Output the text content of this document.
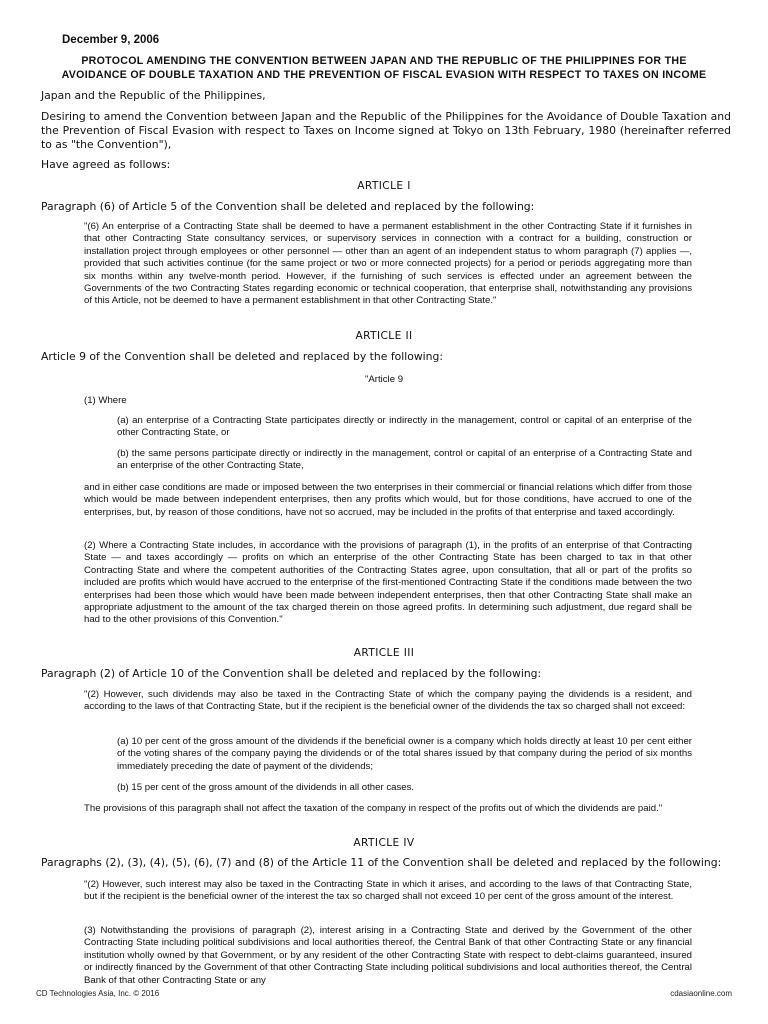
December 9, 2006
PROTOCOL AMENDING THE CONVENTION BETWEEN JAPAN AND THE REPUBLIC OF THE PHILIPPINES FOR THE
AVOIDANCE OF DOUBLE TAXATION AND THE PREVENTION OF FISCAL EVASION WITH RESPECT TO TAXES ON INCOME
Japan and the Republic of the Philippines,
Desiring to amend the Convention between Japan and the Republic of the Philippines for the Avoidance of Double Taxation and the Prevention of Fiscal Evasion with respect to Taxes on Income signed at Tokyo on 13th February, 1980 (hereinafter referred to as "the Convention"),
Have agreed as follows:
ARTICLE I
Paragraph (6) of Article 5 of the Convention shall be deleted and replaced by the following:
"(6) An enterprise of a Contracting State shall be deemed to have a permanent establishment in the other Contracting State if it furnishes in that other Contracting State consultancy services, or supervisory services in connection with a contract for a building, construction or installation project through employees or other personnel — other than an agent of an independent status to whom paragraph (7) applies —, provided that such activities continue (for the same project or two or more connected projects) for a period or periods aggregating more than six months within any twelve-month period. However, if the furnishing of such services is effected under an agreement between the Governments of the two Contracting States regarding economic or technical cooperation, that enterprise shall, notwithstanding any provisions of this Article, not be deemed to have a permanent establishment in that other Contracting State."
ARTICLE II
Article 9 of the Convention shall be deleted and replaced by the following:
"Article 9
(1) Where
(a) an enterprise of a Contracting State participates directly or indirectly in the management, control or capital of an enterprise of the other Contracting State, or
(b) the same persons participate directly or indirectly in the management, control or capital of an enterprise of a Contracting State and an enterprise of the other Contracting State,
and in either case conditions are made or imposed between the two enterprises in their commercial or financial relations which differ from those which would be made between independent enterprises, then any profits which would, but for those conditions, have accrued to one of the enterprises, but, by reason of those conditions, have not so accrued, may be included in the profits of that enterprise and taxed accordingly.
(2) Where a Contracting State includes, in accordance with the provisions of paragraph (1), in the profits of an enterprise of that Contracting State — and taxes accordingly — profits on which an enterprise of the other Contracting State has been charged to tax in that other Contracting State and where the competent authorities of the Contracting States agree, upon consultation, that all or part of the profits so included are profits which would have accrued to the enterprise of the first-mentioned Contracting State if the conditions made between the two enterprises had been those which would have been made between independent enterprises, then that other Contracting State shall make an appropriate adjustment to the amount of the tax charged therein on those agreed profits. In determining such adjustment, due regard shall be had to the other provisions of this Convention."
ARTICLE III
Paragraph (2) of Article 10 of the Convention shall be deleted and replaced by the following:
"(2) However, such dividends may also be taxed in the Contracting State of which the company paying the dividends is a resident, and according to the laws of that Contracting State, but if the recipient is the beneficial owner of the dividends the tax so charged shall not exceed:
(a) 10 per cent of the gross amount of the dividends if the beneficial owner is a company which holds directly at least 10 per cent either of the voting shares of the company paying the dividends or of the total shares issued by that company during the period of six months immediately preceding the date of payment of the dividends;
(b) 15 per cent of the gross amount of the dividends in all other cases.
The provisions of this paragraph shall not affect the taxation of the company in respect of the profits out of which the dividends are paid."
ARTICLE IV
Paragraphs (2), (3), (4), (5), (6), (7) and (8) of the Article 11 of the Convention shall be deleted and replaced by the following:
"(2) However, such interest may also be taxed in the Contracting State in which it arises, and according to the laws of that Contracting State, but if the recipient is the beneficial owner of the interest the tax so charged shall not exceed 10 per cent of the gross amount of the interest.
(3) Notwithstanding the provisions of paragraph (2), interest arising in a Contracting State and derived by the Government of the other Contracting State including political subdivisions and local authorities thereof, the Central Bank of that other Contracting State or any financial institution wholly owned by that Government, or by any resident of the other Contracting State with respect to debt-claims guaranteed, insured or indirectly financed by the Government of that other Contracting State including political subdivisions and local authorities thereof, the Central Bank of that other Contracting State or any
CD Technologies Asia, Inc. © 2016	cdasiaonline.com
